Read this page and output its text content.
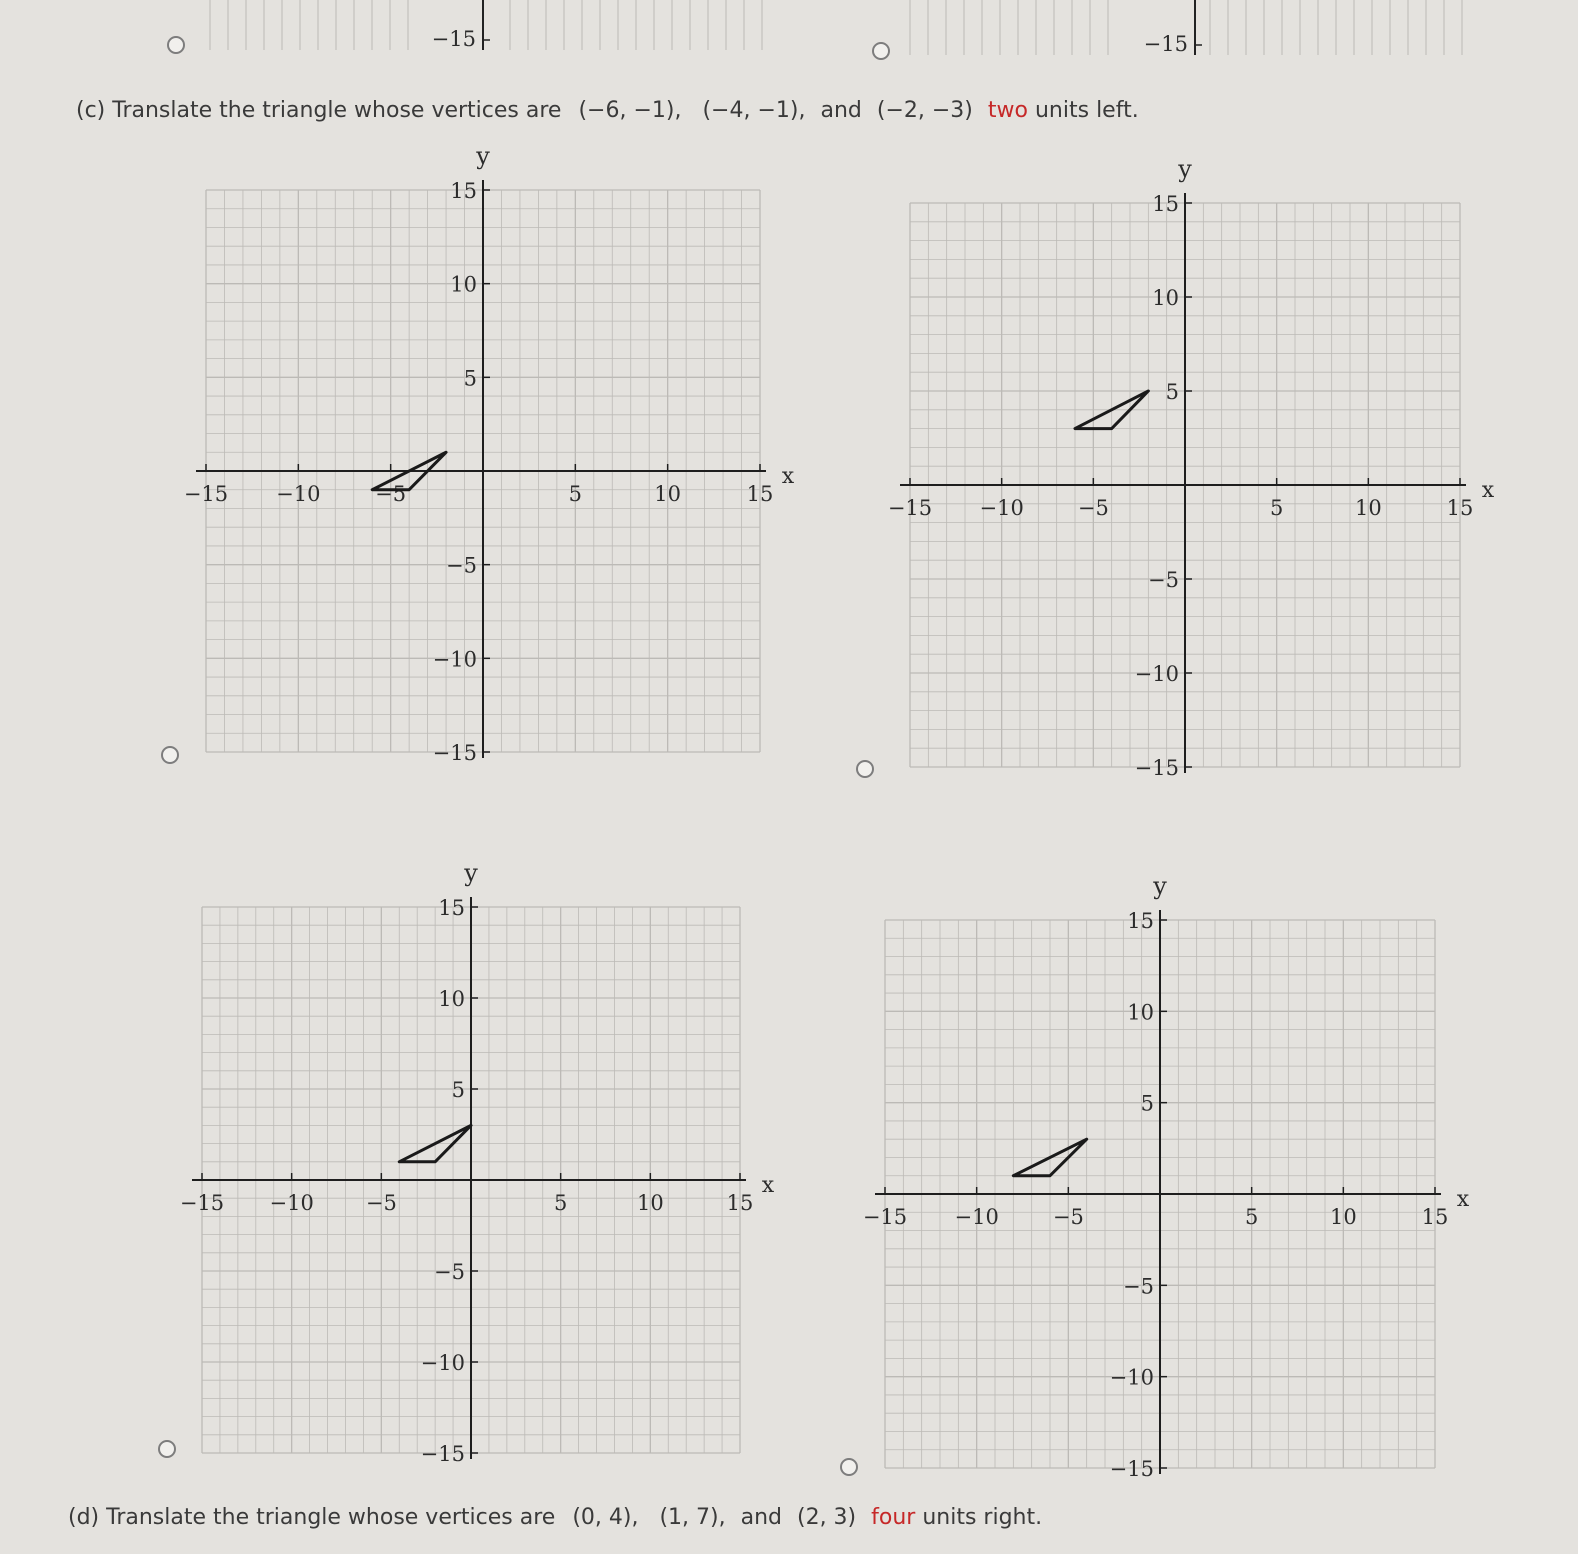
−15	−15
(c) Translate the triangle whose vertices are (−6, −1), (−4, −1), and (−2, −3) two units left.
−15
−15
−10
−10
−5
−5
5
5
10
10
15
15
x
y
−15
−15
−10
−10
−5
−5
5
5
10
10
15
15
x
y
−15
−15
−10
−10
−5
−5
5
5
10
10
15
15
x
y
−15
−15
−10
−10
−5
−5
5
5
10
10
15
15
x
y
(d) Translate the triangle whose vertices are (0, 4), (1, 7), and (2, 3) four units right.
